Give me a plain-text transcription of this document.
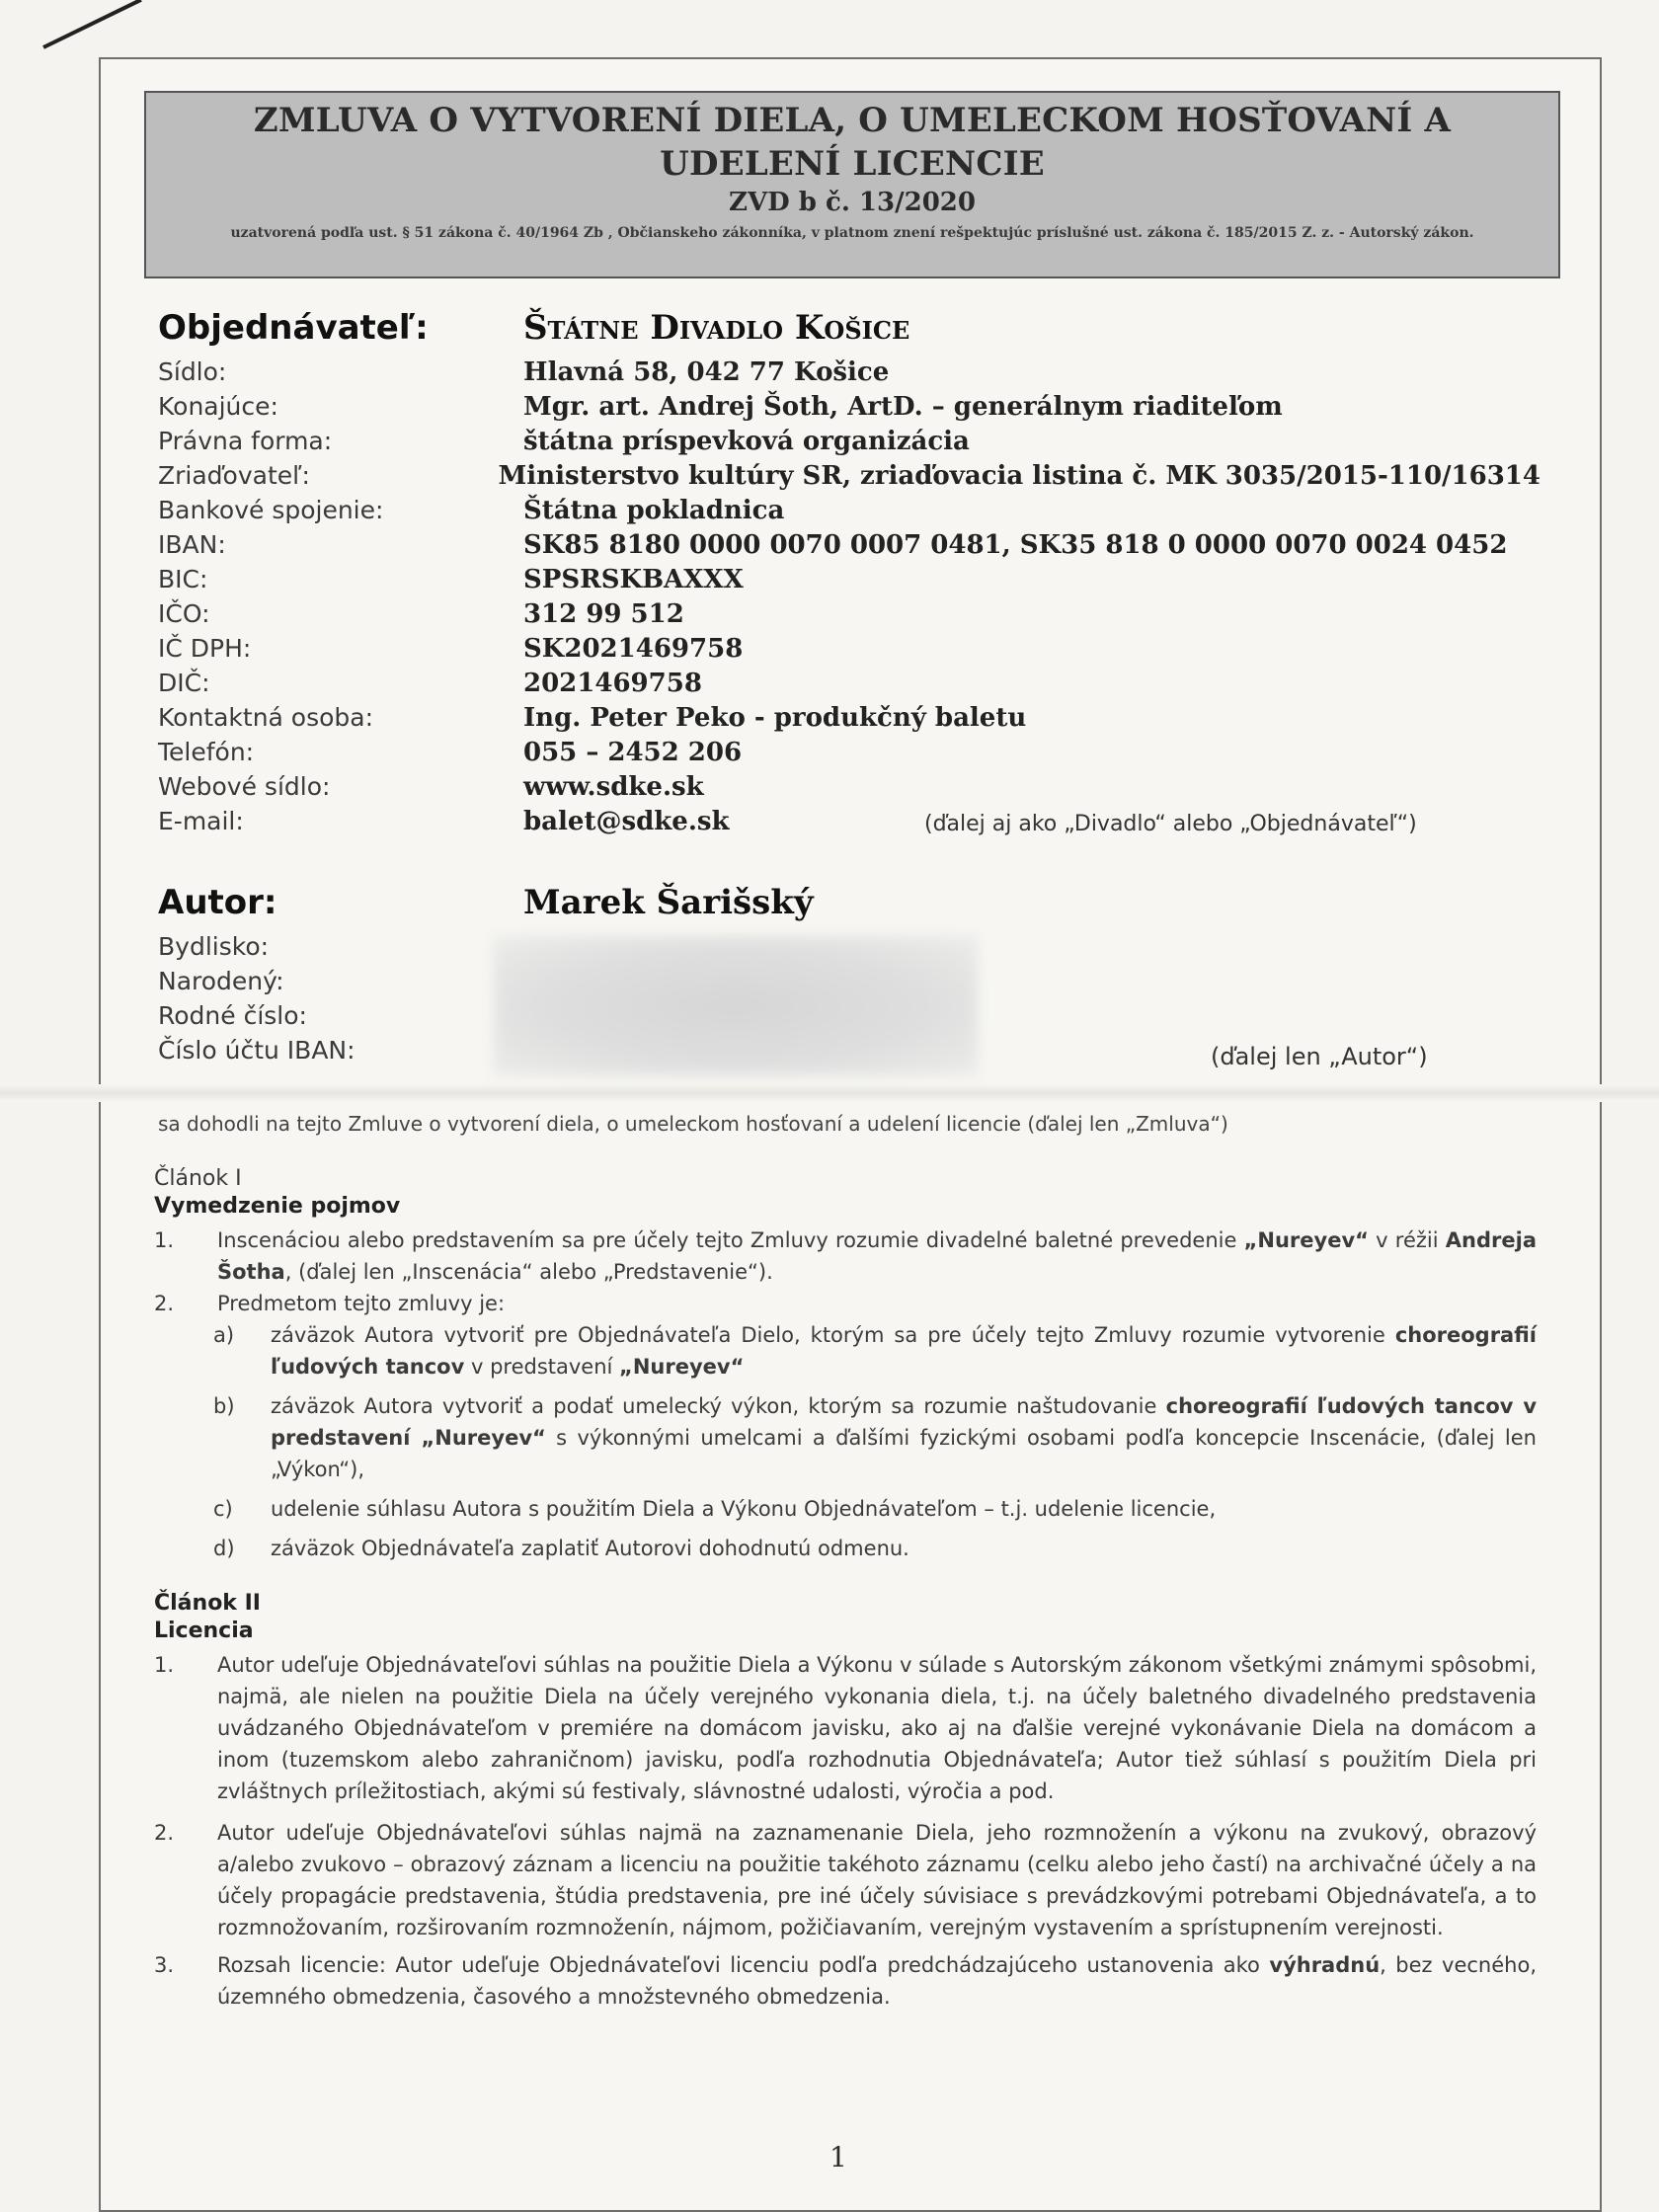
ZMLUVA O VYTVORENÍ DIELA, O UMELECKOM HOSŤOVANÍ A UDELENÍ LICENCIE
ZVD b č. 13/2020
uzatvorená podľa ust. § 51 zákona č. 40/1964 Zb , Občianskeho zákonníka, v platnom znení rešpektujúc príslušné ust. zákona č. 185/2015 Z. z. - Autorský zákon.
Objednávateľ:	Štátne Divadlo Košice
Sídlo:	Hlavná 58, 042 77 Košice
Konajúce:	Mgr. art. Andrej Šoth, ArtD. – generálnym riaditeľom
Právna forma:	štátna príspevková organizácia
Zriaďovateľ:	Ministerstvo kultúry SR, zriaďovacia listina č. MK 3035/2015-110/16314
Bankové spojenie:	Štátna pokladnica
IBAN:	SK85 8180 0000 0070 0007 0481, SK35 818 0 0000 0070 0024 0452
BIC:	SPSRSKBAXXX
IČO:	312 99 512
IČ DPH:	SK2021469758
DIČ:	2021469758
Kontaktná osoba:	Ing. Peter Peko - produkčný baletu
Telefón:	055 – 2452 206
Webové sídlo:	www.sdke.sk
E-mail:	balet@sdke.sk	(ďalej aj ako „Divadlo“ alebo „Objednávateľ“)
Autor:	Marek Šarišský
Bydlisko:
Narodený:
Rodné číslo:
Číslo účtu IBAN:	(ďalej len „Autor“)
sa dohodli na tejto Zmluve o vytvorení diela, o umeleckom hosťovaní a udelení licencie (ďalej len „Zmluva“)
Článok I
Vymedzenie pojmov
1.	Inscenáciou alebo predstavením sa pre účely tejto Zmluvy rozumie divadelné baletné prevedenie „Nureyev“ v réžii Andreja Šotha, (ďalej len „Inscenácia“ alebo „Predstavenie“).
2.	Predmetom tejto zmluvy je:
a)	záväzok Autora vytvoriť pre Objednávateľa Dielo, ktorým sa pre účely tejto Zmluvy rozumie vytvorenie choreografií ľudových tancov v predstavení „Nureyev“
b)	záväzok Autora vytvoriť a podať umelecký výkon, ktorým sa rozumie naštudovanie choreografií ľudových tancov v predstavení „Nureyev“ s výkonnými umelcami a ďalšími fyzickými osobami podľa koncepcie Inscenácie, (ďalej len „Výkon“),
c)	udelenie súhlasu Autora s použitím Diela a Výkonu Objednávateľom – t.j. udelenie licencie,
d)	záväzok Objednávateľa zaplatiť Autorovi dohodnutú odmenu.
Článok II
Licencia
1.	Autor udeľuje Objednávateľovi súhlas na použitie Diela a Výkonu v súlade s Autorským zákonom všetkými známymi spôsobmi, najmä, ale nielen na použitie Diela na účely verejného vykonania diela, t.j. na účely baletného divadelného predstavenia uvádzaného Objednávateľom v premiére na domácom javisku, ako aj na ďalšie verejné vykonávanie Diela na domácom a inom (tuzemskom alebo zahraničnom) javisku, podľa rozhodnutia Objednávateľa; Autor tiež súhlasí s použitím Diela pri zvláštnych príležitostiach, akými sú festivaly, slávnostné udalosti, výročia a pod.
2.	Autor udeľuje Objednávateľovi súhlas najmä na zaznamenanie Diela, jeho rozmnoženín a výkonu na zvukový, obrazový a/alebo zvukovo – obrazový záznam a licenciu na použitie takéhoto záznamu (celku alebo jeho častí) na archivačné účely a na účely propagácie predstavenia, štúdia predstavenia, pre iné účely súvisiace s prevádzkovými potrebami Objednávateľa, a to rozmnožovaním, rozširovaním rozmnoženín, nájmom, požičiavaním, verejným vystavením a sprístupnením verejnosti.
3.	Rozsah licencie: Autor udeľuje Objednávateľovi licenciu podľa predchádzajúceho ustanovenia ako výhradnú, bez vecného, územného obmedzenia, časového a množstevného obmedzenia.
1
